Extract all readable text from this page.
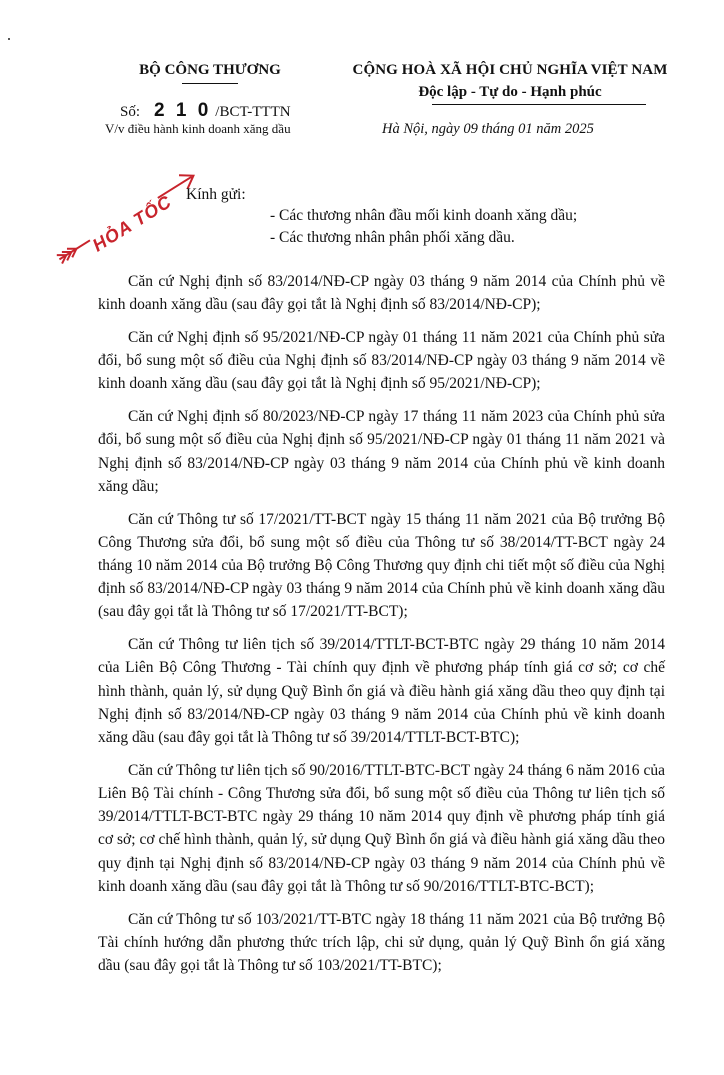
BỘ CÔNG THƯƠNG
Số: 2 1 0 /BCT-TTTN
V/v điều hành kinh doanh xăng dầu
CỘNG HOÀ XÃ HỘI CHỦ NGHĨA VIỆT NAM
Độc lập - Tự do - Hạnh phúc
Hà Nội, ngày 09 tháng 01 năm 2025
HỎA TỐC Kính gửi:
- Các thương nhân đầu mối kinh doanh xăng dầu;
- Các thương nhân phân phối xăng dầu.

Căn cứ Nghị định số 83/2014/NĐ-CP ngày 03 tháng 9 năm 2014 của Chính phủ về kinh doanh xăng dầu (sau đây gọi tắt là Nghị định số 83/2014/NĐ-CP);

Căn cứ Nghị định số 95/2021/NĐ-CP ngày 01 tháng 11 năm 2021 của Chính phủ sửa đổi, bổ sung một số điều của Nghị định số 83/2014/NĐ-CP ngày 03 tháng 9 năm 2014 về kinh doanh xăng dầu (sau đây gọi tắt là Nghị định số 95/2021/NĐ-CP);

Căn cứ Nghị định số 80/2023/NĐ-CP ngày 17 tháng 11 năm 2023 của Chính phủ sửa đổi, bổ sung một số điều của Nghị định số 95/2021/NĐ-CP ngày 01 tháng 11 năm 2021 và Nghị định số 83/2014/NĐ-CP ngày 03 tháng 9 năm 2014 của Chính phủ về kinh doanh xăng dầu;

Căn cứ Thông tư số 17/2021/TT-BCT ngày 15 tháng 11 năm 2021 của Bộ trưởng Bộ Công Thương sửa đổi, bổ sung một số điều của Thông tư số 38/2014/TT-BCT ngày 24 tháng 10 năm 2014 của Bộ trưởng Bộ Công Thương quy định chi tiết một số điều của Nghị định số 83/2014/NĐ-CP ngày 03 tháng 9 năm 2014 của Chính phủ về kinh doanh xăng dầu (sau đây gọi tắt là Thông tư số 17/2021/TT-BCT);

Căn cứ Thông tư liên tịch số 39/2014/TTLT-BCT-BTC ngày 29 tháng 10 năm 2014 của Liên Bộ Công Thương - Tài chính quy định về phương pháp tính giá cơ sở; cơ chế hình thành, quản lý, sử dụng Quỹ Bình ổn giá và điều hành giá xăng dầu theo quy định tại Nghị định số 83/2014/NĐ-CP ngày 03 tháng 9 năm 2014 của Chính phủ về kinh doanh xăng dầu (sau đây gọi tắt là Thông tư số 39/2014/TTLT-BCT-BTC);

Căn cứ Thông tư liên tịch số 90/2016/TTLT-BTC-BCT ngày 24 tháng 6 năm 2016 của Liên Bộ Tài chính - Công Thương sửa đổi, bổ sung một số điều của Thông tư liên tịch số 39/2014/TTLT-BCT-BTC ngày 29 tháng 10 năm 2014 quy định về phương pháp tính giá cơ sở; cơ chế hình thành, quản lý, sử dụng Quỹ Bình ổn giá và điều hành giá xăng dầu theo quy định tại Nghị định số 83/2014/NĐ-CP ngày 03 tháng 9 năm 2014 của Chính phủ về kinh doanh xăng dầu (sau đây gọi tắt là Thông tư số 90/2016/TTLT-BTC-BCT);

Căn cứ Thông tư số 103/2021/TT-BTC ngày 18 tháng 11 năm 2021 của Bộ trưởng Bộ Tài chính hướng dẫn phương thức trích lập, chi sử dụng, quản lý Quỹ Bình ổn giá xăng dầu (sau đây gọi tắt là Thông tư số 103/2021/TT-BTC);
